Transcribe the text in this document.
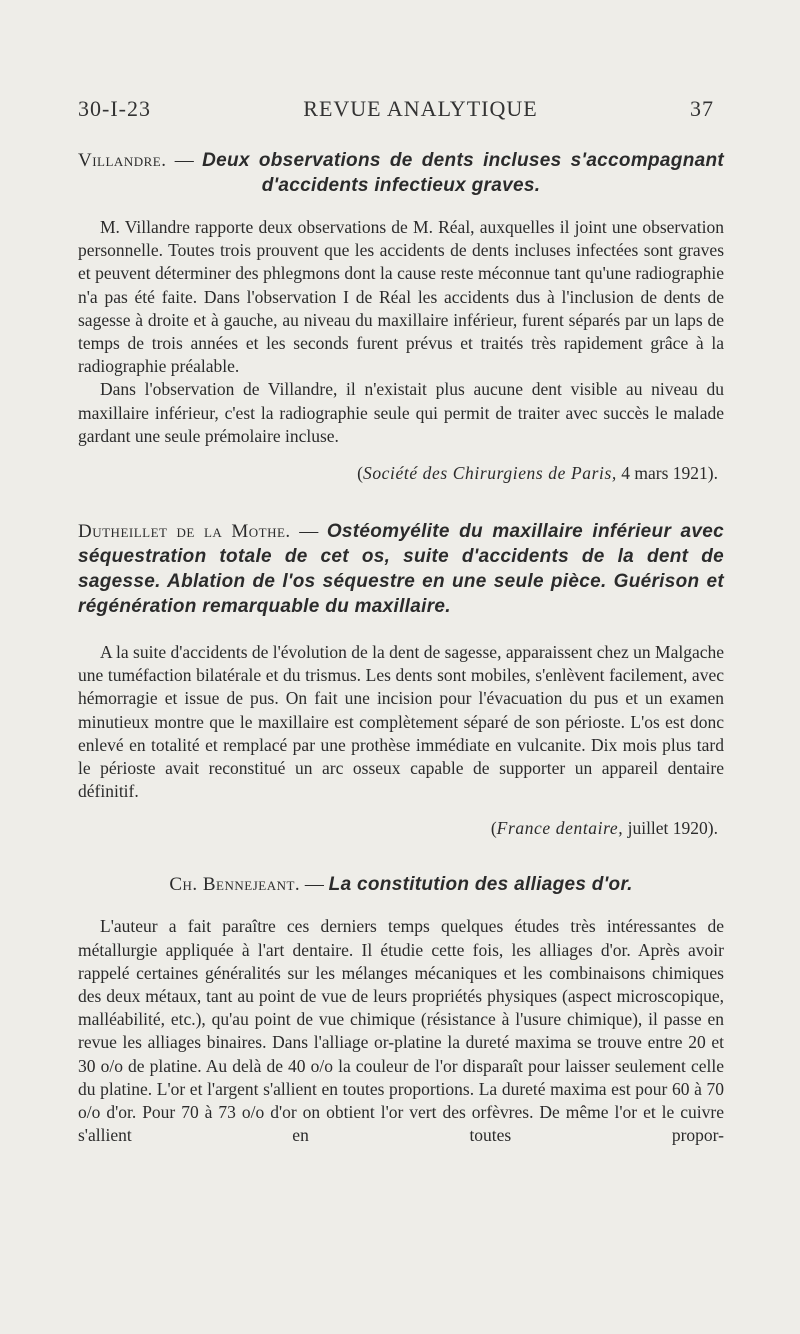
30-I-23	REVUE ANALYTIQUE	37
Villandre. — Deux observations de dents incluses s'accompagnant d'accidents infectieux graves.

M. Villandre rapporte deux observations de M. Réal, auxquelles il joint une observation personnelle. Toutes trois prouvent que les accidents de dents incluses infectées sont graves et peuvent déterminer des phlegmons dont la cause reste méconnue tant qu'une radiographie n'a pas été faite. Dans l'observation I de Réal les accidents dus à l'inclusion de dents de sagesse à droite et à gauche, au niveau du maxillaire inférieur, furent séparés par un laps de temps de trois années et les seconds furent prévus et traités très rapidement grâce à la radiographie préalable.

Dans l'observation de Villandre, il n'existait plus aucune dent visible au niveau du maxillaire inférieur, c'est la radiographie seule qui permit de traiter avec succès le malade gardant une seule prémolaire incluse.

(Société des Chirurgiens de Paris, 4 mars 1921).
Dutheillet de la Mothe. — Ostéomyélite du maxillaire inférieur avec séquestration totale de cet os, suite d'accidents de la dent de sagesse. Ablation de l'os séquestre en une seule pièce. Guérison et régénération remarquable du maxillaire.

A la suite d'accidents de l'évolution de la dent de sagesse, apparaissent chez un Malgache une tuméfaction bilatérale et du trismus. Les dents sont mobiles, s'enlèvent facilement, avec hémorragie et issue de pus. On fait une incision pour l'évacuation du pus et un examen minutieux montre que le maxillaire est complètement séparé de son périoste. L'os est donc enlevé en totalité et remplacé par une prothèse immédiate en vulcanite. Dix mois plus tard le périoste avait reconstitué un arc osseux capable de supporter un appareil dentaire définitif.

(France dentaire, juillet 1920).
Ch. Bennejeant. — La constitution des alliages d'or.

L'auteur a fait paraître ces derniers temps quelques études très intéressantes de métallurgie appliquée à l'art dentaire. Il étudie cette fois, les alliages d'or. Après avoir rappelé certaines généralités sur les mélanges mécaniques et les combinaisons chimiques des deux métaux, tant au point de vue de leurs propriétés physiques (aspect microscopique, malléabilité, etc.), qu'au point de vue chimique (résistance à l'usure chimique), il passe en revue les alliages binaires. Dans l'alliage or-platine la dureté maxima se trouve entre 20 et 30 o/o de platine. Au delà de 40 o/o la couleur de l'or disparaît pour laisser seulement celle du platine. L'or et l'argent s'allient en toutes proportions. La dureté maxima est pour 60 à 70 o/o d'or. Pour 70 à 73 o/o d'or on obtient l'or vert des orfèvres. De même l'or et le cuivre s'allient en toutes propor-
